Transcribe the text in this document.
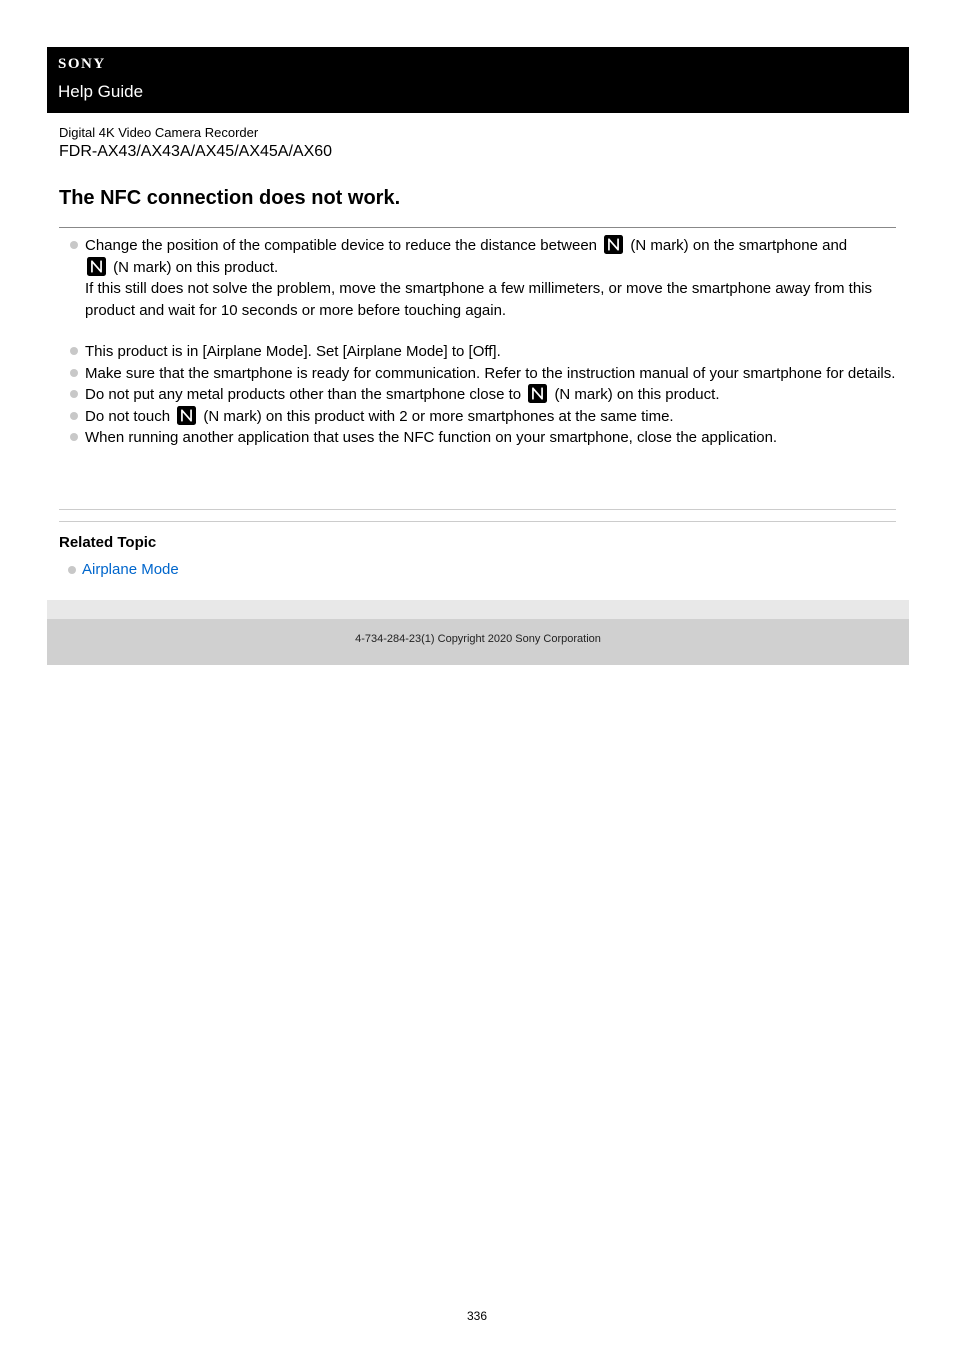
SONY
Help Guide
Digital 4K Video Camera Recorder
FDR-AX43/AX43A/AX45/AX45A/AX60
The NFC connection does not work.
Change the position of the compatible device to reduce the distance between (N mark) on the smartphone and

(N mark) on this product.
If this still does not solve the problem, move the smartphone a few millimeters, or move the smartphone away from this product and wait for 10 seconds or more before touching again.
This product is in [Airplane Mode]. Set [Airplane Mode] to [Off].
Make sure that the smartphone is ready for communication. Refer to the instruction manual of your smartphone for details.
Do not put any metal products other than the smartphone close to (N mark) on this product.
Do not touch (N mark) on this product with 2 or more smartphones at the same time.
When running another application that uses the NFC function on your smartphone, close the application.
Related Topic
Airplane Mode
4-734-284-23(1) Copyright 2020 Sony Corporation
336
